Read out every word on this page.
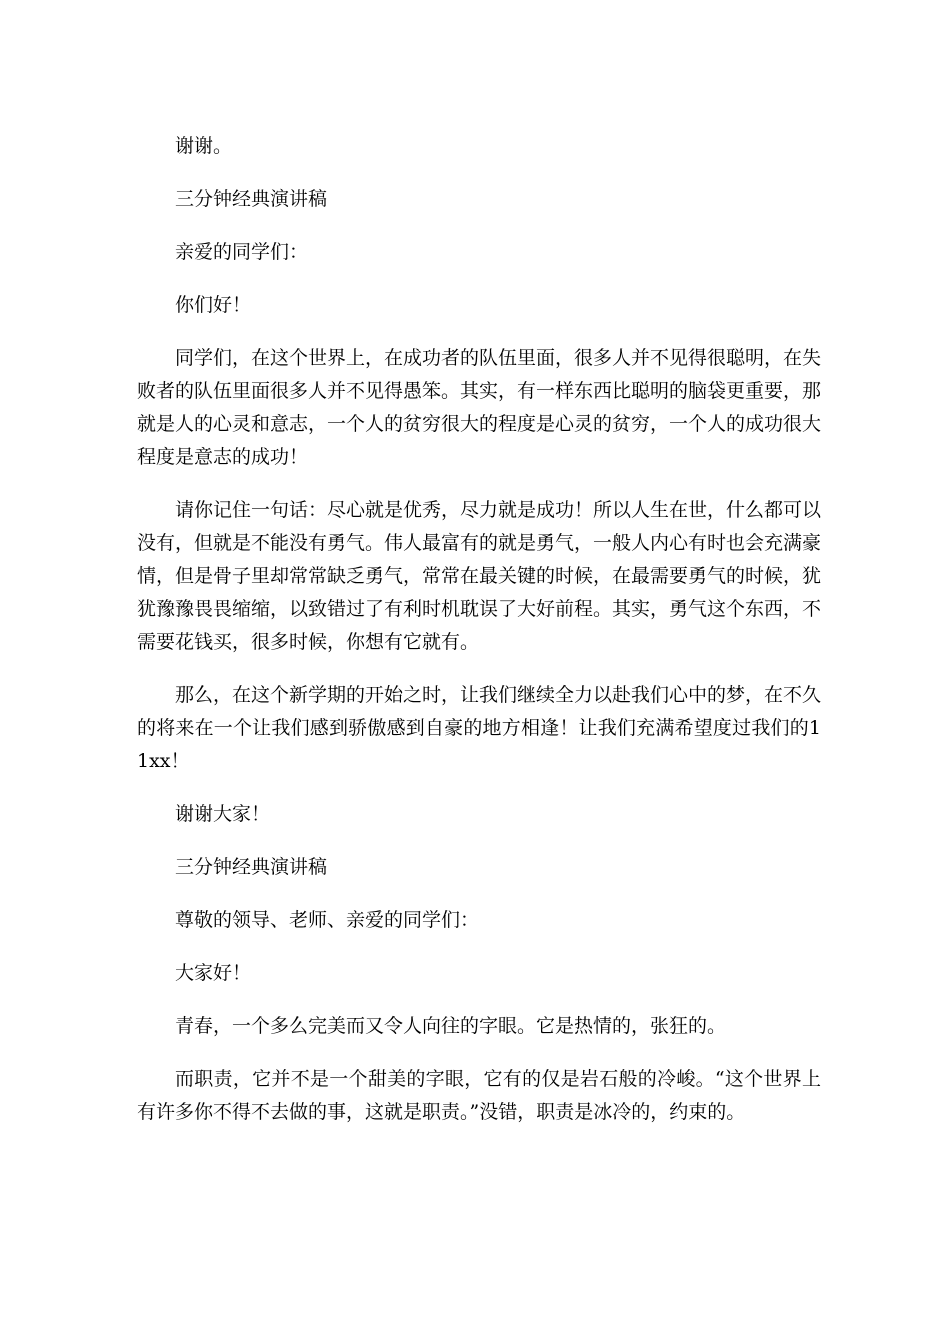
谢谢。

三分钟经典演讲稿

亲爱的同学们：

你们好！

同学们，在这个世界上，在成功者的队伍里面，很多人并不见得很聪明，在失败者的队伍里面很多人并不见得愚笨。其实，有一样东西比聪明的脑袋更重要，那就是人的心灵和意志，一个人的贫穷很大的程度是心灵的贫穷，一个人的成功很大程度是意志的成功！

请你记住一句话：尽心就是优秀，尽力就是成功！所以人生在世，什么都可以没有，但就是不能没有勇气。伟人最富有的就是勇气，一般人内心有时也会充满豪情，但是骨子里却常常缺乏勇气，常常在最关键的时候，在最需要勇气的时候，犹犹豫豫畏畏缩缩，以致错过了有利时机耽误了大好前程。其实，勇气这个东西，不需要花钱买，很多时候，你想有它就有。

那么，在这个新学期的开始之时，让我们继续全力以赴我们心中的梦，在不久的将来在一个让我们感到骄傲感到自豪的地方相逢！让我们充满希望度过我们的11xx！

谢谢大家！

三分钟经典演讲稿

尊敬的领导、老师、亲爱的同学们：

大家好！

青春，一个多么完美而又令人向往的字眼。它是热情的，张狂的。

而职责，它并不是一个甜美的字眼，它有的仅是岩石般的冷峻。“这个世界上有许多你不得不去做的事，这就是职责。”没错，职责是冰冷的，约束的。
